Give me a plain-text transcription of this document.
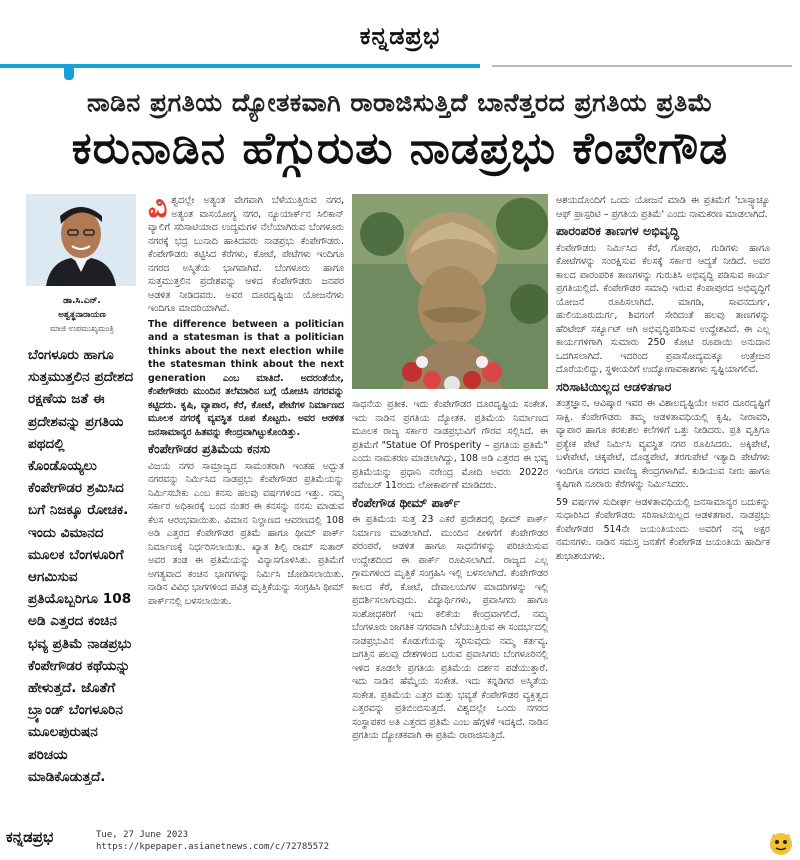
ಕನ್ನಡಪ್ರಭ
ನಾಡಿನ ಪ್ರಗತಿಯ ದ್ಯೋತಕವಾಗಿ ರಾರಾಜಿಸುತ್ತಿದೆ ಬಾನೆತ್ತರದ ಪ್ರಗತಿಯ ಪ್ರತಿಮೆ
ಕರುನಾಡಿನ ಹೆಗ್ಗುರುತು ನಾಡಪ್ರಭು ಕೆಂಪೇಗೌಡ
ಡಾ.ಸಿ.ಎನ್.
ಅಶ್ವತ್ಥನಾರಾಯಣ
ಮಾಜಿ ಉಪಮುಖ್ಯಮಂತ್ರಿ
ಬೆಂಗಳೂರು ಹಾಗೂ ಸುತ್ತಮುತ್ತಲಿನ ಪ್ರದೇಶದ ರಕ್ಷಣೆಯ ಜತೆ ಈ ಪ್ರದೇಶವನ್ನು ಪ್ರಗತಿಯ ಪಥದಲ್ಲಿ ಕೊಂಡೊಯ್ಯಲು ಕೆಂಪೇಗೌಡರ ಶ್ರಮಿಸಿದ ಬಗೆ ನಿಜಕ್ಕೂ ರೋಚಕ. ಇಂದು ವಿಮಾನದ ಮೂಲಕ ಬೆಂಗಳೂರಿಗೆ ಆಗಮಿಸುವ ಪ್ರತಿಯೊಬ್ಬರಿಗೂ 108 ಅಡಿ ಎತ್ತರದ ಕಂಚಿನ ಭವ್ಯ ಪ್ರತಿಮೆ ನಾಡಪ್ರಭು ಕೆಂಪೇಗೌಡರ ಕಥೆಯನ್ನು ಹೇಳುತ್ತದೆ. ಜೊತೆಗೆ ಬ್ರ್ಯಾಂಡ್ ಬೆಂಗಳೂರಿನ ಮೂಲಪುರುಷನ ಪರಿಚಯ ಮಾಡಿಕೊಡುತ್ತದೆ.

ವಿ ಶ್ವದಲ್ಲೇ ಅತ್ಯಂತ ವೇಗವಾಗಿ ಬೆಳೆಯುತ್ತಿರುವ ನಗರ, ಅತ್ಯಂತ ವಾಸಯೋಗ್ಯ ನಗರ, ನ್ಯೂಯಾರ್ಕ್‌ನ ಸಿಲಿಕಾನ್ ವ್ಯಾಲಿಗೆ ಸರಿಸಾಟಿಯಾದ ಉದ್ಯಮಗಳ ನೆಲೆಯಾಗಿರುವ ಬೆಂಗಳೂರು ನಗರಕ್ಕೆ ಭದ್ರ ಬುನಾದಿ ಹಾಕಿದವರು ನಾಡಪ್ರಭು ಕೆಂಪೇಗೌಡರು. ಕೆಂಪೇಗೌಡರು ಕಟ್ಟಿಸಿದ ಕೆರೆಗಳು, ಕೋಟೆ, ಪೇಟೆಗಳು ಇಂದಿಗೂ ನಗರದ ಅಸ್ಮಿತೆಯ ಭಾಗವಾಗಿವೆ. ಬೆಂಗಳೂರು ಹಾಗೂ ಸುತ್ತಮುತ್ತಲಿನ ಪ್ರದೇಶವನ್ನು ಆಳಿದ ಕೆಂಪೇಗೌಡರು ಜನಪರ ಆಡಳಿತ ನೀಡಿದವರು. ಅವರ ದೂರದೃಷ್ಟಿಯ ಯೋಜನೆಗಳು ಇಂದಿಗೂ ಮಾದರಿಯಾಗಿವೆ.

The difference between a politician and a statesman is that a politician thinks about the next election while the statesman think about the next generation ಎಂಬ ಮಾತಿದೆ. ಅದರಂತೆಯೇ, ಕೆಂಪೇಗೌಡರು ಮುಂದಿನ ತಲೆಮಾರಿನ ಬಗ್ಗೆ ಯೋಚಿಸಿ ನಗರವನ್ನು ಕಟ್ಟಿದರು. ಕೃಷಿ, ವ್ಯಾಪಾರ, ಕೆರೆ, ಕೋಟೆ, ಪೇಟೆಗಳ ನಿರ್ಮಾಣದ ಮೂಲಕ ನಗರಕ್ಕೆ ವ್ಯವಸ್ಥಿತ ರೂಪ ಕೊಟ್ಟರು. ಅವರ ಆಡಳಿತ ಜನಸಾಮಾನ್ಯರ ಹಿತವನ್ನು ಕೇಂದ್ರವಾಗಿಟ್ಟುಕೊಂಡಿತ್ತು.

ಕೆಂಪೇಗೌಡರ ಪ್ರತಿಮೆಯ ಕನಸು

ವಿಜಯ ನಗರ ಸಾಮ್ರಾಜ್ಯದ ಸಾಮಂತರಾಗಿ ಇಂತಹ ಅದ್ಭುತ ನಗರವನ್ನು ನಿರ್ಮಿಸಿದ ನಾಡಪ್ರಭು ಕೆಂಪೇಗೌಡರ ಪ್ರತಿಮೆಯನ್ನು ನಿರ್ಮಿಸಬೇಕು ಎಂಬ ಕನಸು ಹಲವು ವರ್ಷಗಳಿಂದ ಇತ್ತು. ನಮ್ಮ ಸರ್ಕಾರ ಅಧಿಕಾರಕ್ಕೆ ಬಂದ ನಂತರ ಈ ಕನಸನ್ನು ನನಸು ಮಾಡುವ ಕೆಲಸ ಆರಂಭವಾಯಿತು. ವಿಮಾನ ನಿಲ್ದಾಣದ ಆವರಣದಲ್ಲಿ 108 ಅಡಿ ಎತ್ತರದ ಕೆಂಪೇಗೌಡರ ಪ್ರತಿಮೆ ಹಾಗೂ ಥೀಮ್ ಪಾರ್ಕ್ ನಿರ್ಮಾಣಕ್ಕೆ ನಿರ್ಧರಿಸಲಾಯಿತು. ಖ್ಯಾತ ಶಿಲ್ಪಿ ರಾಮ್ ಸುತಾರ್ ಅವರ ತಂಡ ಈ ಪ್ರತಿಮೆಯನ್ನು ವಿನ್ಯಾಸಗೊಳಿಸಿತು. ಪ್ರತಿಮೆಗೆ ಅಗತ್ಯವಾದ ಕಂಚಿನ ಭಾಗಗಳನ್ನು ನಿರ್ಮಿಸಿ ಜೋಡಿಸಲಾಯಿತು. ನಾಡಿನ ವಿವಿಧ ಭಾಗಗಳಿಂದ ಪವಿತ್ರ ಮೃತ್ತಿಕೆಯನ್ನು ಸಂಗ್ರಹಿಸಿ ಥೀಮ್ ಪಾರ್ಕ್‌ನಲ್ಲಿ ಬಳಸಲಾಯಿತು.

ಸಾಧನೆಯ ಪ್ರತೀಕ. ಇದು ಕೆಂಪೇಗೌಡರ ದೂರದೃಷ್ಟಿಯ ಸಂಕೇತ. ಇದು ನಾಡಿನ ಪ್ರಗತಿಯ ದ್ಯೋತಕ. ಪ್ರತಿಮೆಯ ನಿರ್ಮಾಣದ ಮೂಲಕ ರಾಜ್ಯ ಸರ್ಕಾರ ನಾಡಪ್ರಭುವಿಗೆ ಗೌರವ ಸಲ್ಲಿಸಿದೆ. ಈ ಪ್ರತಿಮೆಗೆ "Statue Of Prosperity – ಪ್ರಗತಿಯ ಪ್ರತಿಮೆ" ಎಂದು ನಾಮಕರಣ ಮಾಡಲಾಗಿದ್ದು, 108 ಅಡಿ ಎತ್ತರದ ಈ ಭವ್ಯ ಪ್ರತಿಮೆಯನ್ನು ಪ್ರಧಾನಿ ನರೇಂದ್ರ ಮೋದಿ ಅವರು 2022ರ ನವೆಂಬರ್ 11ರಂದು ಲೋಕಾರ್ಪಣೆ ಮಾಡಿದರು.

ಕೆಂಪೇಗೌಡ ಥೀಮ್ ಪಾರ್ಕ್

ಈ ಪ್ರತಿಮೆಯ ಸುತ್ತ 23 ಎಕರೆ ಪ್ರದೇಶದಲ್ಲಿ ಥೀಮ್ ಪಾರ್ಕ್ ನಿರ್ಮಾಣ ಮಾಡಲಾಗಿದೆ. ಮುಂದಿನ ಪೀಳಿಗೆಗೆ ಕೆಂಪೇಗೌಡರ ಪರಂಪರೆ, ಆಡಳಿತ ಹಾಗೂ ಸಾಧನೆಗಳನ್ನು ಪರಿಚಯಿಸುವ ಉದ್ದೇಶದಿಂದ ಈ ಪಾರ್ಕ್ ರೂಪಿಸಲಾಗಿದೆ. ರಾಜ್ಯದ ಎಲ್ಲ ಗ್ರಾಮಗಳಿಂದ ಮೃತ್ತಿಕೆ ಸಂಗ್ರಹಿಸಿ ಇಲ್ಲಿ ಬಳಸಲಾಗಿದೆ. ಕೆಂಪೇಗೌಡರ ಕಾಲದ ಕೆರೆ, ಕೋಟೆ, ದೇವಾಲಯಗಳ ಮಾದರಿಗಳನ್ನು ಇಲ್ಲಿ ಪ್ರದರ್ಶಿಸಲಾಗುವುದು. ವಿದ್ಯಾರ್ಥಿಗಳು, ಪ್ರವಾಸಿಗರು ಹಾಗೂ ಸಂಶೋಧಕರಿಗೆ ಇದು ಕಲಿಕೆಯ ಕೇಂದ್ರವಾಗಲಿದೆ. ನಮ್ಮ ಬೆಂಗಳೂರು ಜಾಗತಿಕ ನಗರವಾಗಿ ಬೆಳೆಯುತ್ತಿರುವ ಈ ಸಂದರ್ಭದಲ್ಲಿ ನಾಡಪ್ರಭುವಿನ ಕೊಡುಗೆಯನ್ನು ಸ್ಮರಿಸುವುದು ನಮ್ಮ ಕರ್ತವ್ಯ. ಜಗತ್ತಿನ ಹಲವು ದೇಶಗಳಿಂದ ಬರುವ ಪ್ರವಾಸಿಗರು ಬೆಂಗಳೂರಿನಲ್ಲಿ ಇಳಿದ ಕೂಡಲೇ ಪ್ರಗತಿಯ ಪ್ರತಿಮೆಯ ದರ್ಶನ ಪಡೆಯುತ್ತಾರೆ. ಇದು ನಾಡಿನ ಹೆಮ್ಮೆಯ ಸಂಕೇತ. ಇದು ಕನ್ನಡಿಗರ ಅಸ್ಮಿತೆಯ ಸಂಕೇತ. ಪ್ರತಿಮೆಯ ಎತ್ತರ ಮತ್ತು ಭವ್ಯತೆ ಕೆಂಪೇಗೌಡರ ವ್ಯಕ್ತಿತ್ವದ ಎತ್ತರವನ್ನು ಪ್ರತಿಬಿಂಬಿಸುತ್ತದೆ. ವಿಶ್ವದಲ್ಲೇ ಒಂದು ನಗರದ ಸಂಸ್ಥಾಪಕರ ಅತಿ ಎತ್ತರದ ಪ್ರತಿಮೆ ಎಂಬ ಹೆಗ್ಗಳಿಕೆ ಇದಕ್ಕಿದೆ. ನಾಡಿನ ಪ್ರಗತಿಯ ದ್ಯೋತಕವಾಗಿ ಈ ಪ್ರತಿಮೆ ರಾರಾಜಿಸುತ್ತಿದೆ.

ಆಶಯದೊಂದಿಗೆ ಒಂದು ಯೋಜನೆ ಮಾಡಿ ಈ ಪ್ರತಿಮೆಗೆ 'ಬಾಸ್ಸ್ಯಾಚ್ಯೂ ಆಫ್ ಪ್ರಾಸ್ಪರಿಟಿ – ಪ್ರಗತಿಯ ಪ್ರತಿಮೆ' ಎಂದು ನಾಮಕರಣ ಮಾಡಲಾಗಿದೆ.

ಪಾರಂಪರಿಕ ತಾಣಗಳ ಅಭಿವೃದ್ಧಿ

ಕೆಂಪೇಗೌಡರು ನಿರ್ಮಿಸಿದ ಕೆರೆ, ಗೋಪುರ, ಗುಡಿಗಳು ಹಾಗೂ ಕೋಟೆಗಳನ್ನು ಸಂರಕ್ಷಿಸುವ ಕೆಲಸಕ್ಕೆ ಸರ್ಕಾರ ಆದ್ಯತೆ ನೀಡಿದೆ. ಅವರ ಕಾಲದ ಪಾರಂಪರಿಕ ತಾಣಗಳನ್ನು ಗುರುತಿಸಿ ಅಭಿವೃದ್ಧಿ ಪಡಿಸುವ ಕಾರ್ಯ ಪ್ರಗತಿಯಲ್ಲಿದೆ. ಕೆಂಪೇಗೌಡರ ಸಮಾಧಿ ಇರುವ ಕೆಂಪಾಪುರದ ಅಭಿವೃದ್ಧಿಗೆ ಯೋಜನೆ ರೂಪಿಸಲಾಗಿದೆ. ಮಾಗಡಿ, ಸಾವನದುರ್ಗ, ಹುಲಿಯೂರುದುರ್ಗ, ಶಿವಗಂಗೆ ಸೇರಿದಂತೆ ಹಲವು ತಾಣಗಳನ್ನು ಹೆರಿಟೇಜ್ ಸರ್ಕ್ಯೂಟ್ ಆಗಿ ಅಭಿವೃದ್ಧಿಪಡಿಸುವ ಉದ್ದೇಶವಿದೆ. ಈ ಎಲ್ಲ ಕಾರ್ಯಗಳಿಗಾಗಿ ಸುಮಾರು 250 ಕೋಟಿ ರೂಪಾಯಿ ಅನುದಾನ ಒದಗಿಸಲಾಗಿದೆ. ಇದರಿಂದ ಪ್ರವಾಸೋದ್ಯಮಕ್ಕೂ ಉತ್ತೇಜನ ದೊರೆಯಲಿದ್ದು, ಸ್ಥಳೀಯರಿಗೆ ಉದ್ಯೋಗಾವಕಾಶಗಳು ಸೃಷ್ಟಿಯಾಗಲಿವೆ.

ಸರಿಸಾಟಿಯಿಲ್ಲದ ಆಡಳಿತಗಾರ

ತಂತ್ರಜ್ಞಾನ, ಆವಿಷ್ಕಾರ ಇವರ ಈ ವಿಶಾಲದೃಷ್ಟಿಯೇ ಅವರ ದೂರದೃಷ್ಟಿಗೆ ಸಾಕ್ಷಿ. ಕೆಂಪೇಗೌಡರು ತಮ್ಮ ಆಡಳಿತಾವಧಿಯಲ್ಲಿ ಕೃಷಿ, ನೀರಾವರಿ, ವ್ಯಾಪಾರ ಹಾಗೂ ಕರಕುಶಲ ಕಲೆಗಳಿಗೆ ಒತ್ತು ನೀಡಿದರು. ಪ್ರತಿ ವೃತ್ತಿಗೂ ಪ್ರತ್ಯೇಕ ಪೇಟೆ ನಿರ್ಮಿಸಿ ವ್ಯವಸ್ಥಿತ ನಗರ ರೂಪಿಸಿದರು. ಅಕ್ಕಿಪೇಟೆ, ಬಳೇಪೇಟೆ, ಚಿಕ್ಕಪೇಟೆ, ದೊಡ್ಡಪೇಟೆ, ತರಗುಪೇಟೆ ಇತ್ಯಾದಿ ಪೇಟೆಗಳು ಇಂದಿಗೂ ನಗರದ ವಾಣಿಜ್ಯ ಕೇಂದ್ರಗಳಾಗಿವೆ. ಕುಡಿಯುವ ನೀರು ಹಾಗೂ ಕೃಷಿಗಾಗಿ ನೂರಾರು ಕೆರೆಗಳನ್ನು ನಿರ್ಮಿಸಿದರು.

59 ವರ್ಷಗಳ ಸುದೀರ್ಘ ಆಡಳಿತಾವಧಿಯಲ್ಲಿ ಜನಸಾಮಾನ್ಯರ ಬದುಕನ್ನು ಸುಧಾರಿಸಿದ ಕೆಂಪೇಗೌಡರು ಸರಿಸಾಟಿಯಿಲ್ಲದ ಆಡಳಿತಗಾರ. ನಾಡಪ್ರಭು ಕೆಂಪೇಗೌಡರ 514ನೇ ಜಯಂತಿಯಂದು ಅವರಿಗೆ ನನ್ನ ಅಕ್ಷರ ನಮನಗಳು. ನಾಡಿನ ಸಮಸ್ತ ಜನತೆಗೆ ಕೆಂಪೇಗೌಡ ಜಯಂತಿಯ ಹಾರ್ದಿಕ ಶುಭಾಶಯಗಳು.

ಕನ್ನಡಪ್ರಭ	Tue, 27 June 2023
https://kpepaper.asianetnews.com/c/72785572
